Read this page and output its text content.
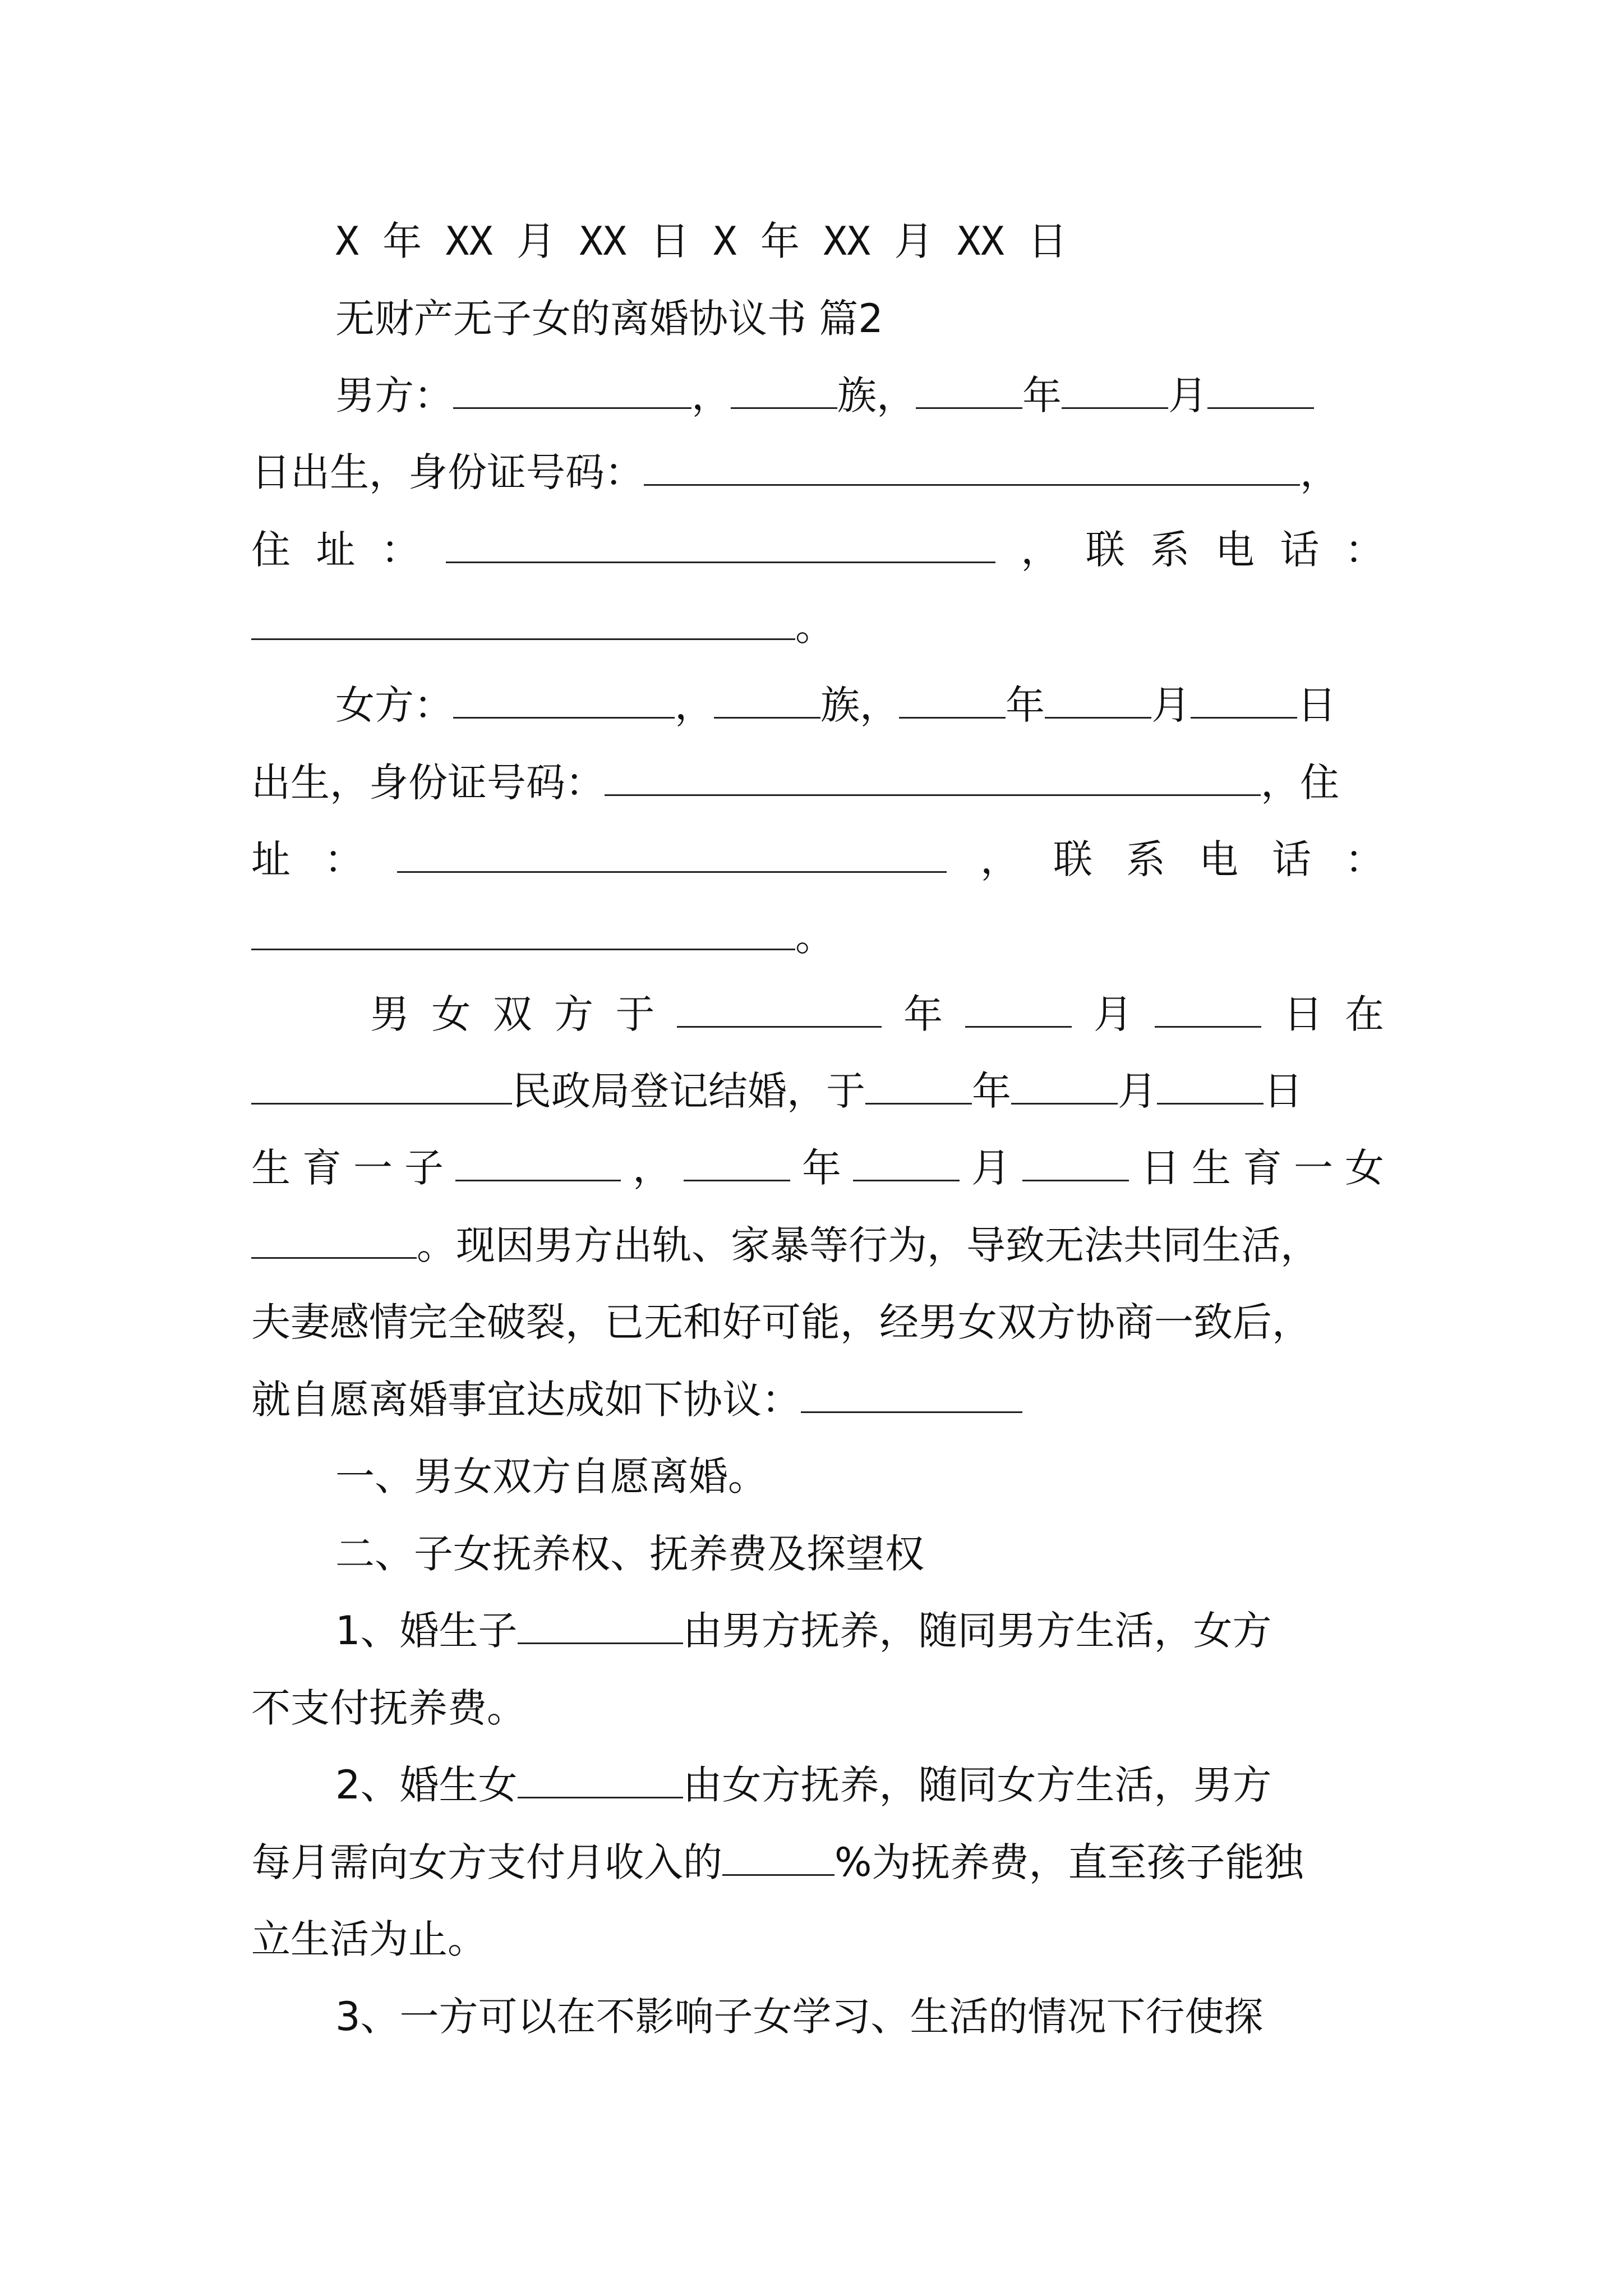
X 年 XX 月 XX 日 X 年 XX 月 XX 日
无财产无子女的离婚协议书 篇2
男方：	，	族，	年	月
日出生，身份证号码：	，
住 址 ：	， 联 系 电 话 ：
。
女方：	，	族，	年	月	日
出生，身份证号码：	，住
址 ：	， 联 系 电 话 ：
。
男 女 双 方 于	年	月	日 在
民政局登记结婚，于	年	月	日
生 育 一 子	，	年	月	日 生 育 一 女
。现因男方出轨、家暴等行为，导致无法共同生活，
夫妻感情完全破裂，已无和好可能，经男女双方协商一致后，
就自愿离婚事宜达成如下协议：
一、男女双方自愿离婚。
二、子女抚养权、抚养费及探望权
1、婚生子	由男方抚养，随同男方生活，女方
不支付抚养费。
2、婚生女	由女方抚养，随同女方生活，男方
每月需向女方支付月收入的	%为抚养费，直至孩子能独
立生活为止。
3、一方可以在不影响子女学习、生活的情况下行使探
